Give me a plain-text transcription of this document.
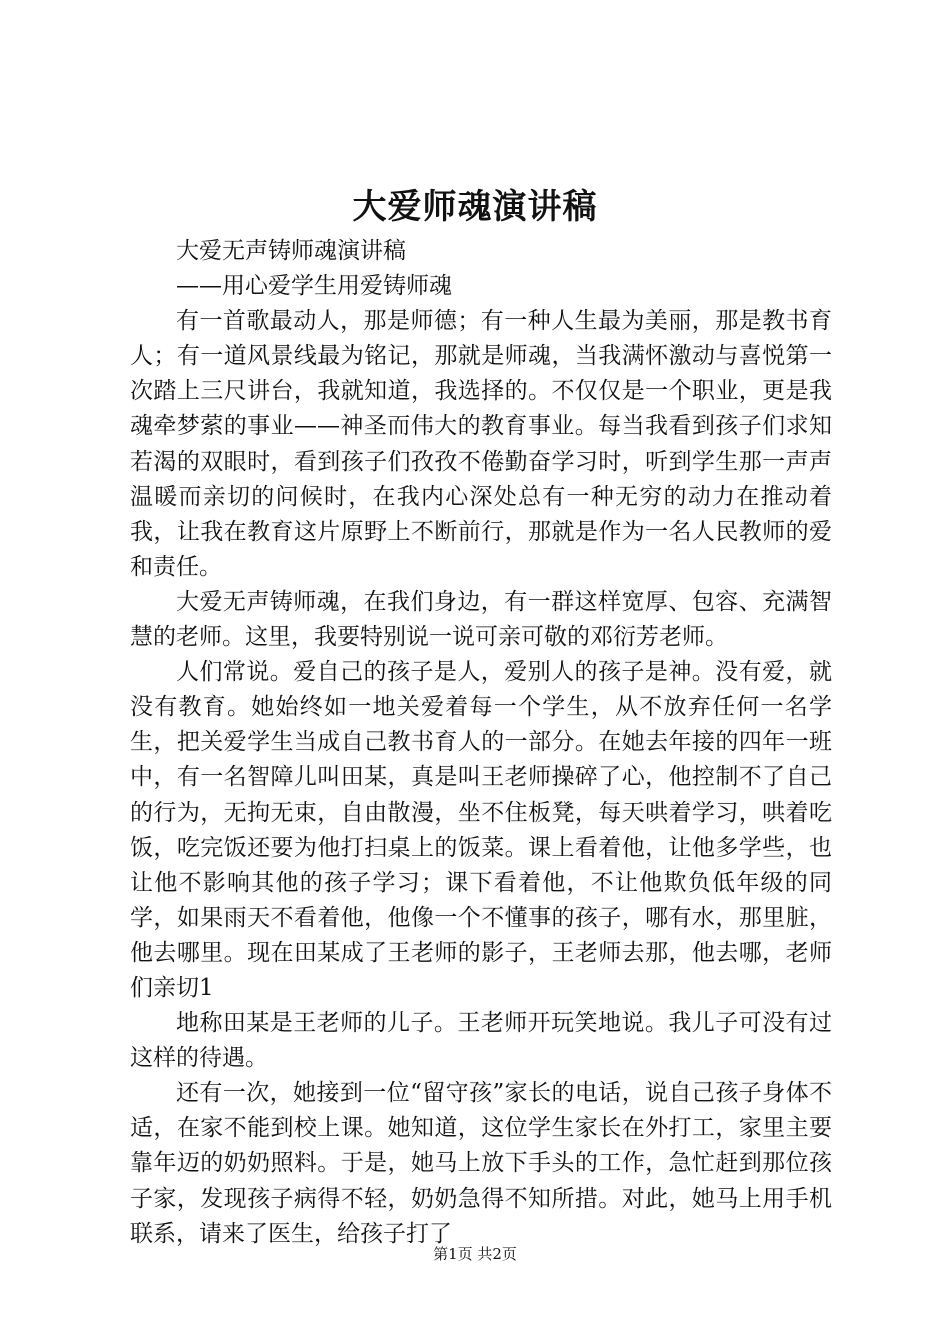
大爱师魂演讲稿

大爱无声铸师魂演讲稿

——用心爱学生用爱铸师魂

有一首歌最动人，那是师德；有一种人生最为美丽，那是教书育人；有一道风景线最为铭记，那就是师魂，当我满怀激动与喜悦第一次踏上三尺讲台，我就知道，我选择的。不仅仅是一个职业，更是我魂牵梦萦的事业——神圣而伟大的教育事业。每当我看到孩子们求知若渴的双眼时，看到孩子们孜孜不倦勤奋学习时，听到学生那一声声温暖而亲切的问候时，在我内心深处总有一种无穷的动力在推动着我，让我在教育这片原野上不断前行，那就是作为一名人民教师的爱和责任。

大爱无声铸师魂，在我们身边，有一群这样宽厚、包容、充满智慧的老师。这里，我要特别说一说可亲可敬的邓衍芳老师。

人们常说。爱自己的孩子是人，爱别人的孩子是神。没有爱，就没有教育。她始终如一地关爱着每一个学生，从不放弃任何一名学生，把关爱学生当成自己教书育人的一部分。在她去年接的四年一班中，有一名智障儿叫田某，真是叫王老师操碎了心，他控制不了自己的行为，无拘无束，自由散漫，坐不住板凳，每天哄着学习，哄着吃饭，吃完饭还要为他打扫桌上的饭菜。课上看着他，让他多学些，也让他不影响其他的孩子学习；课下看着他，不让他欺负低年级的同学，如果雨天不看着他，他像一个不懂事的孩子，哪有水，那里脏，他去哪里。现在田某成了王老师的影子，王老师去那，他去哪，老师们亲切1

地称田某是王老师的儿子。王老师开玩笑地说。我儿子可没有过这样的待遇。

还有一次，她接到一位“留守孩”家长的电话，说自己孩子身体不适，在家不能到校上课。她知道，这位学生家长在外打工，家里主要靠年迈的奶奶照料。于是，她马上放下手头的工作，急忙赶到那位孩子家，发现孩子病得不轻，奶奶急得不知所措。对此，她马上用手机联系，请来了医生，给孩子打了

第1页 共2页
